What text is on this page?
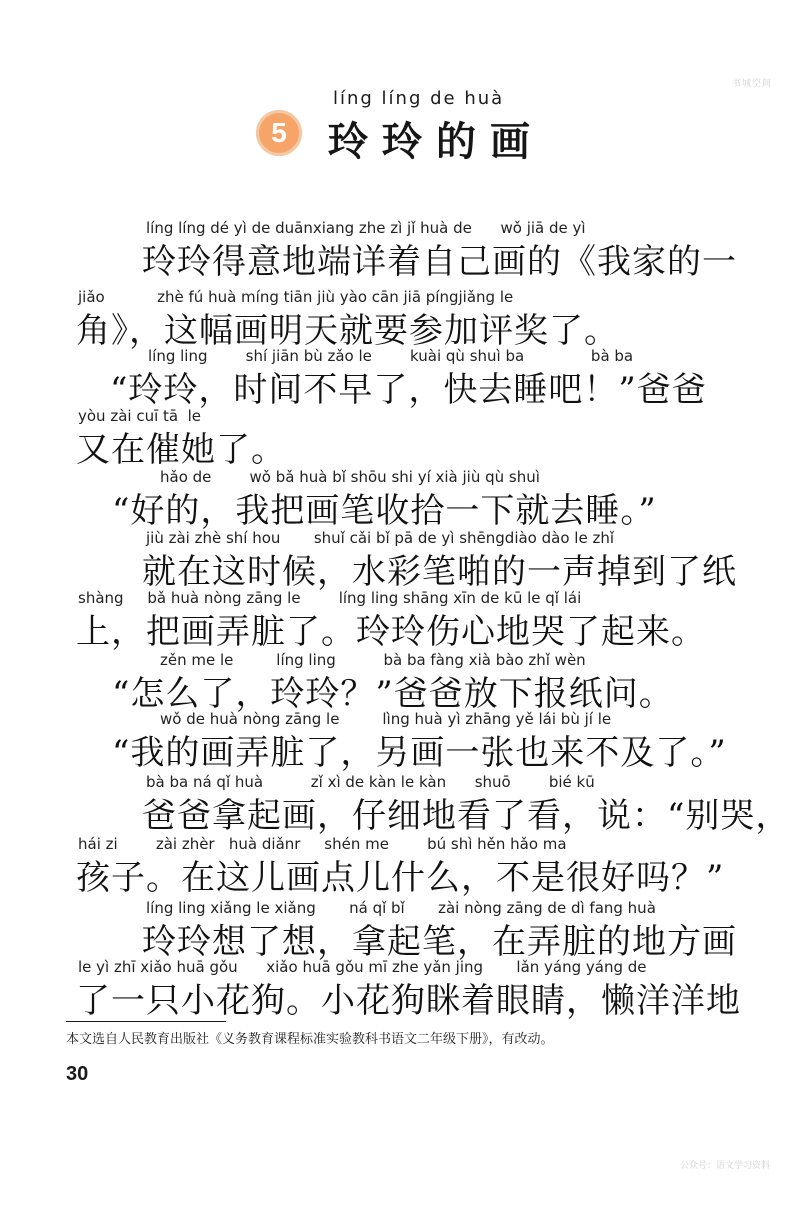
书城空间
líng líng de huà
5 玲玲的画
líng líng dé yì de duānxiang zhe zì jǐ huà de      wǒ jiā de yì
玲玲得意地端详着自己画的《我家的一
jiǎo           zhè fú huà míng tiān jiù yào cān jiā píngjiǎng le
角》，这幅画明天就要参加评奖了。
líng ling        shí jiān bù zǎo le        kuài qù shuì ba              bà ba
“玲玲，时间不早了，快去睡吧！”爸爸
yòu zài cuī tā  le
又在催她了。
hǎo de        wǒ bǎ huà bǐ shōu shi yí xià jiù qù shuì
“好的，我把画笔收拾一下就去睡。”
jiù zài zhè shí hou       shuǐ cǎi bǐ pā de yì shēngdiào dào le zhǐ
就在这时候，水彩笔啪的一声掉到了纸
shàng     bǎ huà nòng zāng le        líng ling shāng xīn de kū le qǐ lái
上，把画弄脏了。玲玲伤心地哭了起来。
zěn me le         líng ling          bà ba fàng xià bào zhǐ wèn
“怎么了，玲玲？”爸爸放下报纸问。
wǒ de huà nòng zāng le         lìng huà yì zhāng yě lái bù jí le
“我的画弄脏了，另画一张也来不及了。”
bà ba ná qǐ huà          zǐ xì de kàn le kàn      shuō        bié kū
爸爸拿起画，仔细地看了看，说：“别哭，
hái zi        zài zhèr   huà diǎnr     shén me        bú shì hěn hǎo ma
孩子。在这儿画点儿什么，不是很好吗？”
líng ling xiǎng le xiǎng       ná qǐ bǐ       zài nòng zāng de dì fang huà
玲玲想了想，拿起笔，在弄脏的地方画
le yì zhī xiǎo huā gǒu      xiǎo huā gǒu mī zhe yǎn jing       lǎn yáng yáng de
了一只小花狗。小花狗眯着眼睛，懒洋洋地
本文选自人民教育出版社《义务教育课程标准实验教科书语文二年级下册》，有改动。
30
公众号：语文学习资料
